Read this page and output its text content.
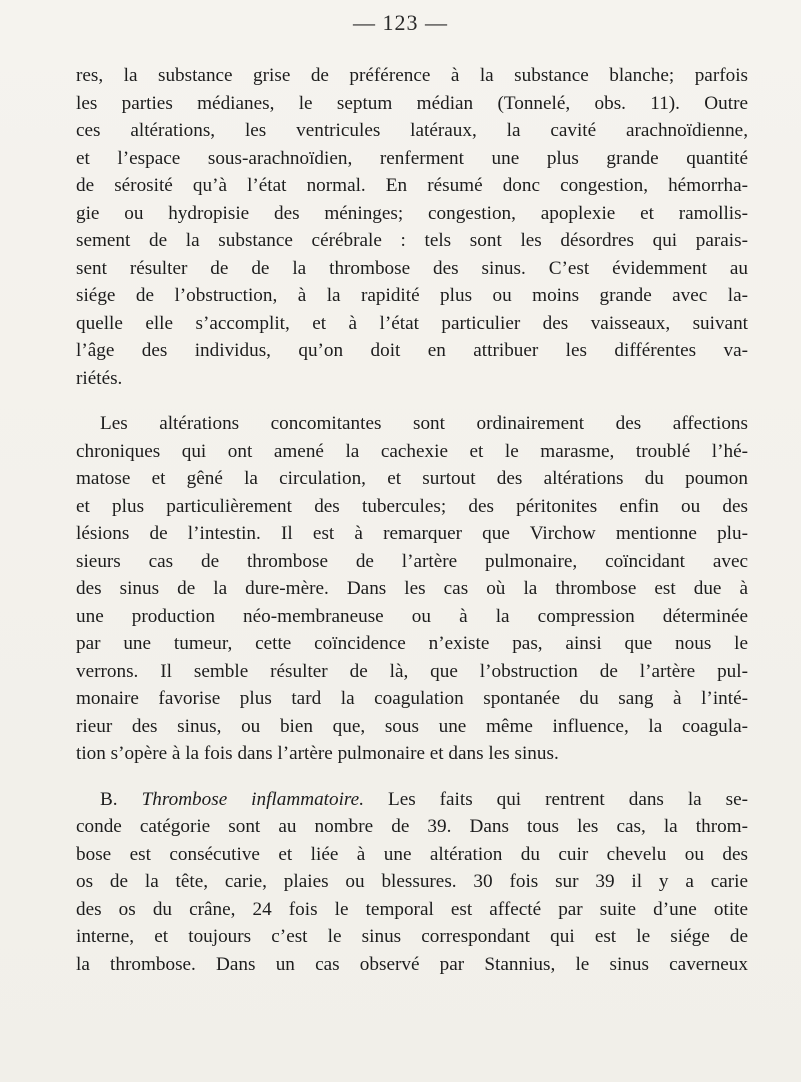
— 123 —
res, la substance grise de préférence à la substance blanche; parfois
les parties médianes, le septum médian (Tonnelé, obs. 11). Outre
ces altérations, les ventricules latéraux, la cavité arachnoïdienne,
et l’espace sous-arachnoïdien, renferment une plus grande quantité
de sérosité qu’à l’état normal. En résumé donc congestion, hémorrha-
gie ou hydropisie des méninges; congestion, apoplexie et ramollis-
sement de la substance cérébrale : tels sont les désordres qui parais-
sent résulter de de la thrombose des sinus. C’est évidemment au
siége de l’obstruction, à la rapidité plus ou moins grande avec la-
quelle elle s’accomplit, et à l’état particulier des vaisseaux, suivant
l’âge des individus, qu’on doit en attribuer les différentes va-
riétés.
Les altérations concomitantes sont ordinairement des affections
chroniques qui ont amené la cachexie et le marasme, troublé l’hé-
matose et gêné la circulation, et surtout des altérations du poumon
et plus particulièrement des tubercules; des péritonites enfin ou des
lésions de l’intestin. Il est à remarquer que Virchow mentionne plu-
sieurs cas de thrombose de l’artère pulmonaire, coïncidant avec
des sinus de la dure-mère. Dans les cas où la thrombose est due à
une production néo-membraneuse ou à la compression déterminée
par une tumeur, cette coïncidence n’existe pas, ainsi que nous le
verrons. Il semble résulter de là, que l’obstruction de l’artère pul-
monaire favorise plus tard la coagulation spontanée du sang à l’inté-
rieur des sinus, ou bien que, sous une même influence, la coagula-
tion s’opère à la fois dans l’artère pulmonaire et dans les sinus.
B. Thrombose inflammatoire. Les faits qui rentrent dans la se-
conde catégorie sont au nombre de 39. Dans tous les cas, la throm-
bose est consécutive et liée à une altération du cuir chevelu ou des
os de la tête, carie, plaies ou blessures. 30 fois sur 39 il y a carie
des os du crâne, 24 fois le temporal est affecté par suite d’une otite
interne, et toujours c’est le sinus correspondant qui est le siége de
la thrombose. Dans un cas observé par Stannius, le sinus caverneux
